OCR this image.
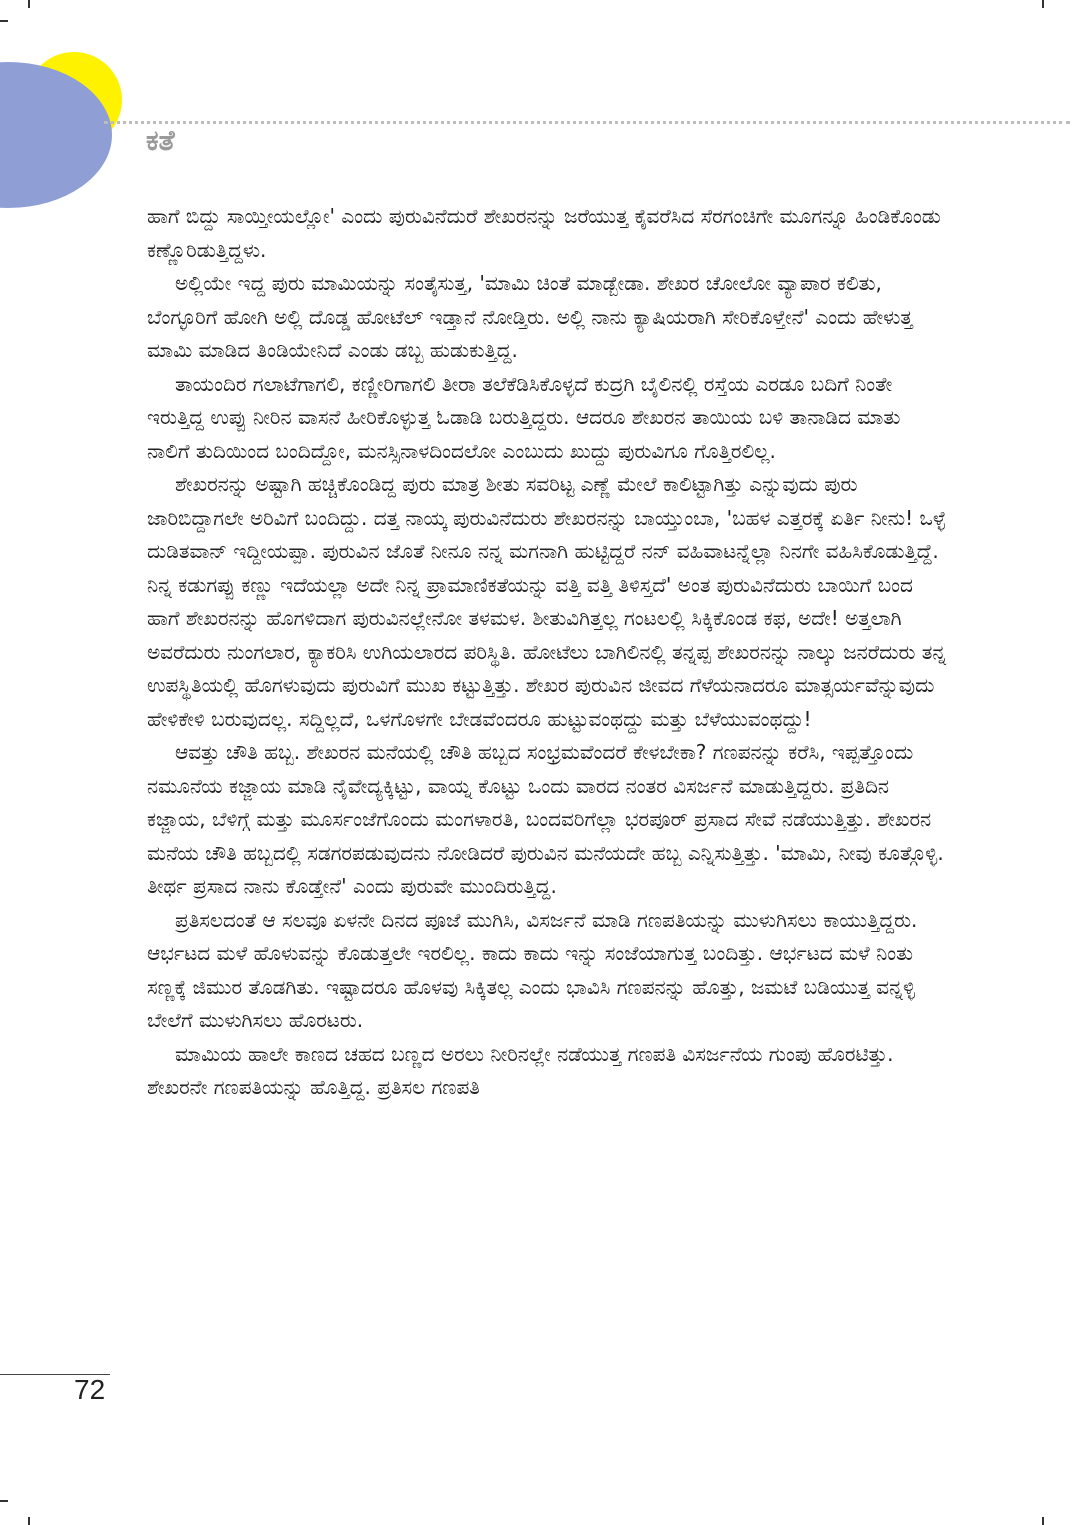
ಕತೆ

ಹಾಗೆ ಬಿದ್ದು ಸಾಯ್ತೀಯಲ್ಲೋ' ಎಂದು ಪುರುವಿನೆದುರೆ ಶೇಖರನನ್ನು ಜರೆಯುತ್ತ ಕೈವರೆಸಿದ ಸೆರಗಂಚಿಗೇ ಮೂಗನ್ನೂ ಹಿಂಡಿಕೊಂಡು ಕಣ್ಣೊರಿಡುತ್ತಿದ್ದಳು.

ಅಲ್ಲಿಯೇ ಇದ್ದ ಪುರು ಮಾಮಿಯನ್ನು ಸಂತೈಸುತ್ತ, 'ಮಾಮಿ ಚಿಂತೆ ಮಾಡ್ಬೇಡಾ. ಶೇಖರ ಚೋಲೋ ವ್ಯಾಪಾರ ಕಲಿತು, ಬೆಂಗ್ಳೂರಿಗೆ ಹೋಗಿ ಅಲ್ಲಿ ದೊಡ್ಡ ಹೋಟೆಲ್ ಇಡ್ತಾನೆ ನೋಡ್ತಿರು. ಅಲ್ಲಿ ನಾನು ಕ್ಯಾಷಿಯರಾಗಿ ಸೇರಿಕೊಳ್ತೇನೆ' ಎಂದು ಹೇಳುತ್ತ ಮಾಮಿ ಮಾಡಿದ ತಿಂಡಿಯೇನಿದೆ ಎಂಡು ಡಬ್ಬ ಹುಡುಕುತ್ತಿದ್ದ.

ತಾಯಂದಿರ ಗಲಾಟೆಗಾಗಲಿ, ಕಣ್ಣೀರಿಗಾಗಲಿ ತೀರಾ ತಲೆಕೆಡಿಸಿಕೊಳ್ಳದೆ ಕುದ್ರಗಿ ಬೈಲಿನಲ್ಲಿ ರಸ್ತೆಯ ಎರಡೂ ಬದಿಗೆ ನಿಂತೇ ಇರುತ್ತಿದ್ದ ಉಪ್ಪು ನೀರಿನ ವಾಸನೆ ಹೀರಿಕೊಳ್ಳುತ್ತ ಓಡಾಡಿ ಬರುತ್ತಿದ್ದರು. ಆದರೂ ಶೇಖರನ ತಾಯಿಯ ಬಳಿ ತಾನಾಡಿದ ಮಾತು ನಾಲಿಗೆ ತುದಿಯಿಂದ ಬಂದಿದ್ದೋ, ಮನಸ್ಸಿನಾಳದಿಂದಲೋ ಎಂಬುದು ಖುದ್ದು ಪುರುವಿಗೂ ಗೊತ್ತಿರಲಿಲ್ಲ.

ಶೇಖರನನ್ನು ಅಷ್ಟಾಗಿ ಹಚ್ಚಿಕೊಂಡಿದ್ದ ಪುರು ಮಾತ್ರ ಶೀತು ಸವರಿಟ್ಟ ಎಣ್ಣೆ ಮೇಲೆ ಕಾಲಿಟ್ಟಾಗಿತ್ತು ಎನ್ನುವುದು ಪುರು ಜಾರಿಬಿದ್ದಾಗಲೇ ಅರಿವಿಗೆ ಬಂದಿದ್ದು. ದತ್ತ ನಾಯ್ಕ ಪುರುವಿನೆದುರು ಶೇಖರನನ್ನು ಬಾಯ್ತುಂಬಾ, 'ಬಹಳ ಎತ್ತರಕ್ಕೆ ಏರ್ತಿ ನೀನು! ಒಳ್ಳೆ ದುಡಿತವಾನ್ ಇದ್ದೀಯಪ್ಪಾ. ಪುರುವಿನ ಜೊತೆ ನೀನೂ ನನ್ನ ಮಗನಾಗಿ ಹುಟ್ಟಿದ್ದರೆ ನನ್ ವಹಿವಾಟನ್ನೆಲ್ಲಾ ನಿನಗೇ ವಹಿಸಿಕೊಡುತ್ತಿದ್ದೆ. ನಿನ್ನ ಕಡುಗಪ್ಪು ಕಣ್ಣು ಇದೆಯಲ್ಲಾ ಅದೇ ನಿನ್ನ ಪ್ರಾಮಾಣಿಕತೆಯನ್ನು ವತ್ತಿ ವತ್ತಿ ತಿಳಿಸ್ತದೆ' ಅಂತ ಪುರುವಿನೆದುರು ಬಾಯಿಗೆ ಬಂದ ಹಾಗೆ ಶೇಖರನನ್ನು ಹೊಗಳಿದಾಗ ಪುರುವಿನಲ್ಲೇನೋ ತಳಮಳ. ಶೀತುವಿಗಿತ್ತಲ್ಲ ಗಂಟಲಲ್ಲಿ ಸಿಕ್ಕಿಕೊಂಡ ಕಫ, ಅದೇ! ಅತ್ತಲಾಗಿ ಅವರೆದುರು ನುಂಗಲಾರ, ಕ್ಯಾಕರಿಸಿ ಉಗಿಯಲಾರದ ಪರಿಸ್ಥಿತಿ. ಹೋಟೆಲು ಬಾಗಿಲಿನಲ್ಲಿ ತನ್ನಪ್ಪ ಶೇಖರನನ್ನು ನಾಲ್ಕು ಜನರೆದುರು ತನ್ನ ಉಪಸ್ಥಿತಿಯಲ್ಲಿ ಹೊಗಳುವುದು ಪುರುವಿಗೆ ಮುಖ ಕಟ್ಟುತ್ತಿತ್ತು. ಶೇಖರ ಪುರುವಿನ ಜೀವದ ಗೆಳೆಯನಾದರೂ ಮಾತ್ಸರ್ಯವೆನ್ನುವುದು ಹೇಳಿಕೇಳಿ ಬರುವುದಲ್ಲ. ಸದ್ದಿಲ್ಲದೆ, ಒಳಗೊಳಗೇ ಬೇಡವೆಂದರೂ ಹುಟ್ಟುವಂಥದ್ದು ಮತ್ತು ಬೆಳೆಯುವಂಥದ್ದು!

ಆವತ್ತು ಚೌತಿ ಹಬ್ಬ. ಶೇಖರನ ಮನೆಯಲ್ಲಿ ಚೌತಿ ಹಬ್ಬದ ಸಂಭ್ರಮವೆಂದರೆ ಕೇಳಬೇಕಾ? ಗಣಪನನ್ನು ಕರೆಸಿ, ಇಪ್ಪತ್ತೊಂದು ನಮೂನೆಯ ಕಜ್ಜಾಯ ಮಾಡಿ ನೈವೇದ್ಯಕ್ಕಿಟ್ಟು, ವಾಯ್ನ ಕೊಟ್ಟು ಒಂದು ವಾರದ ನಂತರ ವಿಸರ್ಜನೆ ಮಾಡುತ್ತಿದ್ದರು. ಪ್ರತಿದಿನ ಕಜ್ಜಾಯ, ಬೆಳಿಗ್ಗೆ ಮತ್ತು ಮೂರ್ಸಂಜೆಗೊಂದು ಮಂಗಳಾರತಿ, ಬಂದವರಿಗೆಲ್ಲಾ ಭರಪೂರ್ ಪ್ರಸಾದ ಸೇವೆ ನಡೆಯುತ್ತಿತ್ತು. ಶೇಖರನ ಮನೆಯ ಚೌತಿ ಹಬ್ಬದಲ್ಲಿ ಸಡಗರಪಡುವುದನು ನೋಡಿದರೆ ಪುರುವಿನ ಮನೆಯದೇ ಹಬ್ಬ ಎನ್ನಿಸುತ್ತಿತ್ತು. 'ಮಾಮಿ, ನೀವು ಕೂತ್ಗೊಳ್ಳಿ. ತೀರ್ಥ ಪ್ರಸಾದ ನಾನು ಕೊಡ್ತೇನೆ' ಎಂದು ಪುರುವೇ ಮುಂದಿರುತ್ತಿದ್ದ.

ಪ್ರತಿಸಲದಂತೆ ಆ ಸಲವೂ ಏಳನೇ ದಿನದ ಪೂಜೆ ಮುಗಿಸಿ, ವಿಸರ್ಜನೆ ಮಾಡಿ ಗಣಪತಿಯನ್ನು ಮುಳುಗಿಸಲು ಕಾಯುತ್ತಿದ್ದರು. ಆರ್ಭಟದ ಮಳೆ ಹೊಳುವನ್ನು ಕೊಡುತ್ತಲೇ ಇರಲಿಲ್ಲ. ಕಾದು ಕಾದು ಇನ್ನು ಸಂಜೆಯಾಗುತ್ತ ಬಂದಿತ್ತು. ಆರ್ಭಟದ ಮಳೆ ನಿಂತು ಸಣ್ಣಕ್ಕೆ ಜಿಮುರ ತೊಡಗಿತು. ಇಷ್ಟಾದರೂ ಹೊಳವು ಸಿಕ್ಕಿತಲ್ಲ ಎಂದು ಭಾವಿಸಿ ಗಣಪನನ್ನು ಹೊತ್ತು, ಜಮಟೆ ಬಡಿಯುತ್ತ ವನ್ನಳ್ಳಿ ಬೇಲೆಗೆ ಮುಳುಗಿಸಲು ಹೊರಟರು.

ಮಾಮಿಯ ಹಾಲೇ ಕಾಣದ ಚಹದ ಬಣ್ಣದ ಅರಲು ನೀರಿನಲ್ಲೇ ನಡೆಯುತ್ತ ಗಣಪತಿ ವಿಸರ್ಜನೆಯ ಗುಂಪು ಹೊರಟಿತ್ತು. ಶೇಖರನೇ ಗಣಪತಿಯನ್ನು ಹೊತ್ತಿದ್ದ. ಪ್ರತಿಸಲ ಗಣಪತಿ

72
